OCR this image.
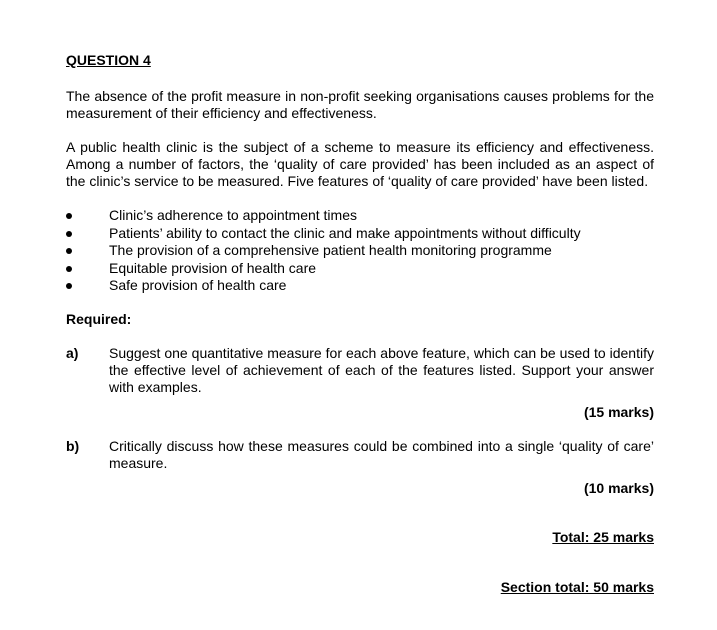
QUESTION 4

The absence of the profit measure in non-profit seeking organisations causes problems for the measurement of their efficiency and effectiveness.

A public health clinic is the subject of a scheme to measure its efficiency and effectiveness. Among a number of factors, the ‘quality of care provided’ has been included as an aspect of the clinic’s service to be measured. Five features of ‘quality of care provided’ have been listed.

Clinic’s adherence to appointment times
Patients’ ability to contact the clinic and make appointments without difficulty
The provision of a comprehensive patient health monitoring programme
Equitable provision of health care
Safe provision of health care
Required:
a)	Suggest one quantitative measure for each above feature, which can be used to identify the effective level of achievement of each of the features listed. Support your answer with examples.
(15 marks)
b)	Critically discuss how these measures could be combined into a single ‘quality of care’ measure.
(10 marks)
Total: 25 marks
Section total: 50 marks
